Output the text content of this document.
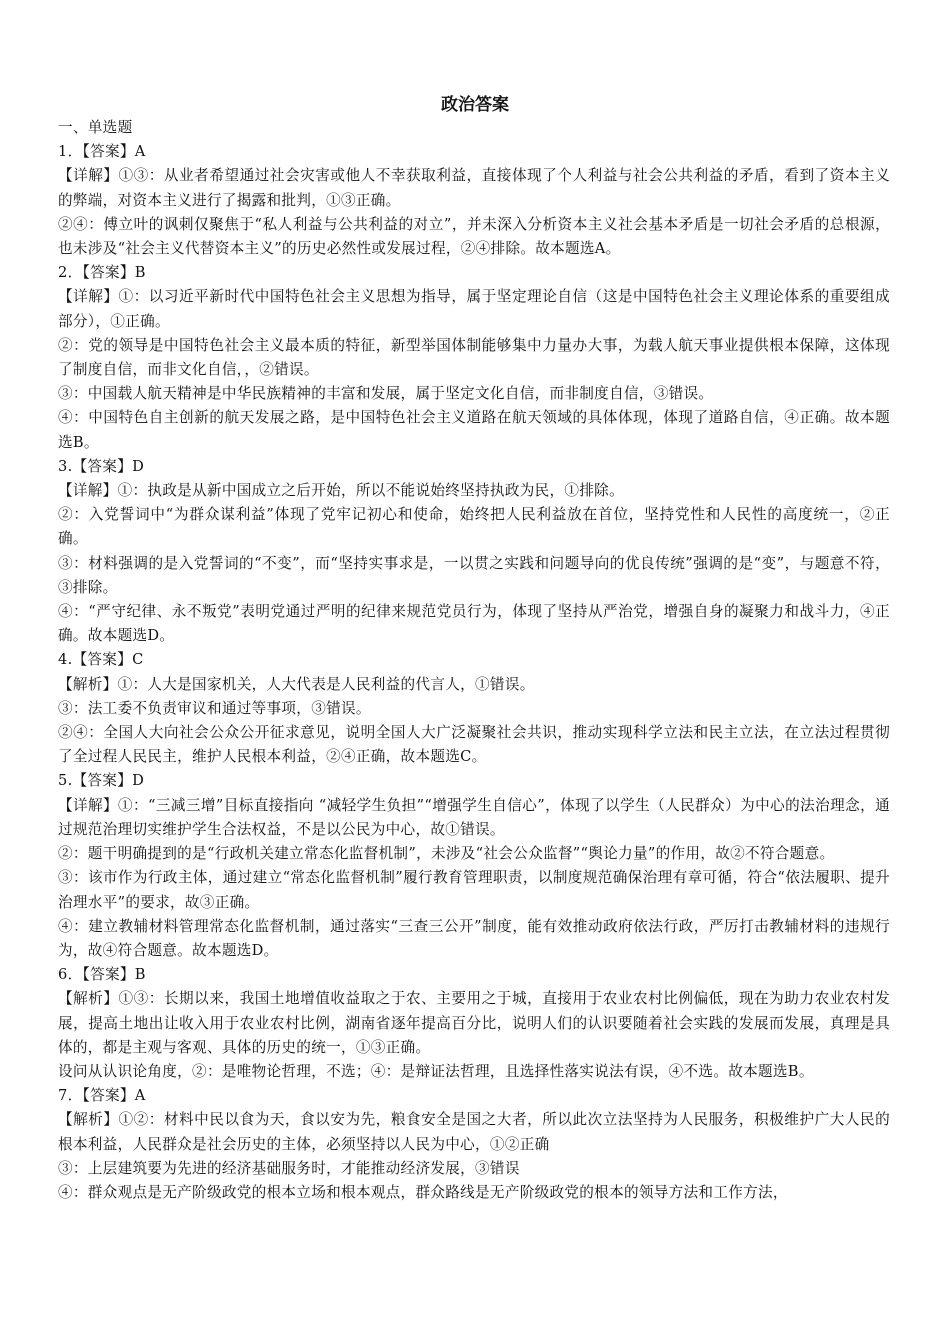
政治答案

一、单选题

1．【答案】A

【详解】①③：从业者希望通过社会灾害或他人不幸获取利益，直接体现了个人利益与社会公共利益的矛盾，看到了资本主义的弊端，对资本主义进行了揭露和批判，①③正确。

②④：傅立叶的讽刺仅聚焦于“私人利益与公共利益的对立”，并未深入分析资本主义社会基本矛盾是一切社会矛盾的总根源，也未涉及“社会主义代替资本主义”的历史必然性或发展过程，②④排除。故本题选A。

2．【答案】B

【详解】①：以习近平新时代中国特色社会主义思想为指导，属于坚定理论自信（这是中国特色社会主义理论体系的重要组成部分），①正确。

②：党的领导是中国特色社会主义最本质的特征，新型举国体制能够集中力量办大事，为载人航天事业提供根本保障，这体现了制度自信，而非文化自信，，②错误。

③：中国载人航天精神是中华民族精神的丰富和发展，属于坚定文化自信，而非制度自信，③错误。

④：中国特色自主创新的航天发展之路，是中国特色社会主义道路在航天领域的具体体现，体现了道路自信，④正确。故本题选B。

3.【答案】D

【详解】①：执政是从新中国成立之后开始，所以不能说始终坚持执政为民，①排除。

②：入党誓词中“为群众谋利益”体现了党牢记初心和使命，始终把人民利益放在首位，坚持党性和人民性的高度统一，②正确。

③：材料强调的是入党誓词的“不变”，而“坚持实事求是，一以贯之实践和问题导向的优良传统”强调的是“变”，与题意不符，③排除。

④：“严守纪律、永不叛党”表明党通过严明的纪律来规范党员行为，体现了坚持从严治党，增强自身的凝聚力和战斗力，④正确。故本题选D。

4.【答案】C

【解析】①：人大是国家机关，人大代表是人民利益的代言人，①错误。

③：法工委不负责审议和通过等事项，③错误。

②④：全国人大向社会公众公开征求意见，说明全国人大广泛凝聚社会共识，推动实现科学立法和民主立法，在立法过程贯彻了全过程人民民主，维护人民根本利益，②④正确，故本题选C。

5.【答案】D

【详解】①：“三减三增”目标直接指向 “减轻学生负担”“增强学生自信心”，体现了以学生（人民群众）为中心的法治理念，通过规范治理切实维护学生合法权益，不是以公民为中心，故①错误。

②：题干明确提到的是“行政机关建立常态化监督机制”，未涉及“社会公众监督”“舆论力量”的作用，故②不符合题意。

③：该市作为行政主体，通过建立“常态化监督机制”履行教育管理职责，以制度规范确保治理有章可循，符合“依法履职、提升治理水平”的要求，故③正确。

④：建立教辅材料管理常态化监督机制，通过落实“三查三公开”制度，能有效推动政府依法行政，严厉打击教辅材料的违规行为，故④符合题意。故本题选D。

6．【答案】B

【解析】①③：长期以来，我国土地增值收益取之于农、主要用之于城，直接用于农业农村比例偏低，现在为助力农业农村发展，提高土地出让收入用于农业农村比例，湖南省逐年提高百分比，说明人们的认识要随着社会实践的发展而发展，真理是具体的，都是主观与客观、具体的历史的统一，①③正确。

设问从认识论角度，②：是唯物论哲理，不选；④：是辩证法哲理，且选择性落实说法有误，④不选。故本题选B。

7．【答案】A

【解析】①②：材料中民以食为天，食以安为先，粮食安全是国之大者，所以此次立法坚持为人民服务，积极维护广大人民的根本利益，人民群众是社会历史的主体，必须坚持以人民为中心，①②正确

③：上层建筑要为先进的经济基础服务时，才能推动经济发展，③错误

④：群众观点是无产阶级政党的根本立场和根本观点，群众路线是无产阶级政党的根本的领导方法和工作方法，
